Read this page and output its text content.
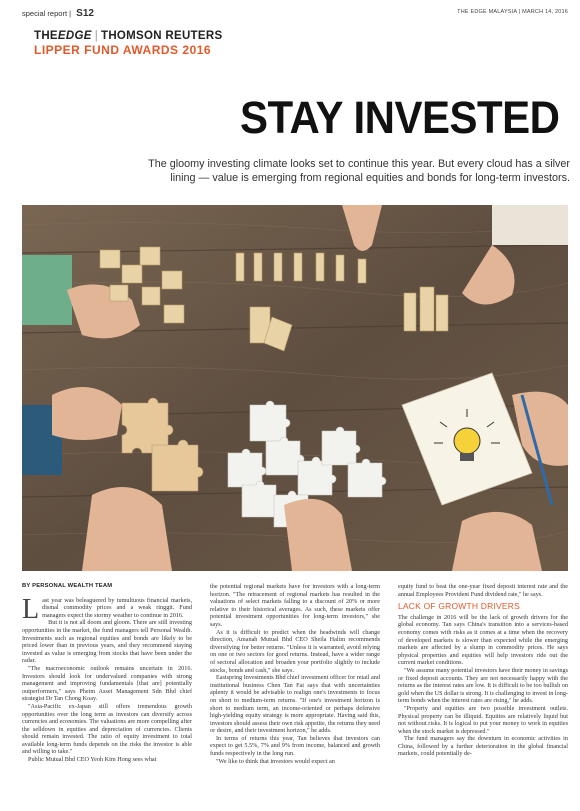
special report | S12	THE EDGE MALAYSIA | MARCH 14, 2016
THEEDGE | THOMSON REUTERS
LIPPER FUND AWARDS 2016
STAY INVESTED
The gloomy investing climate looks set to continue this year. But every cloud has a silver lining — value is emerging from regional equities and bonds for long-term investors.
BY PERSONAL WEALTH TEAM
L ast year was beleaguered by tumultuous financial markets, dismal commodity prices and a weak ringgit. Fund managers expect the stormy weather to continue in 2016.

But it is not all doom and gloom. There are still investing opportunities in the market, the fund managers tell Personal Wealth. Investments such as regional equities and bonds are likely to be priced lower than in previous years, and they recommend staying invested as value is emerging from stocks that have been under the radar.

"The macroeconomic outlook remains uncertain in 2016. Investors should look for undervalued companies with strong management and improving fundamentals [that are] potentially outperformers," says Pheim Asset Management Sdn Bhd chief strategist Dr Tan Chong Koay.

"Asia-Pacific ex-Japan still offers tremendous growth opportunities over the long term as investors can diversify across currencies and economies. The valuations are more compelling after the selldown in equities and depreciation of currencies. Clients should remain invested. The ratio of equity investment to total available long-term funds depends on the risks the investor is able and willing to take."

Public Mutual Bhd CEO Yeoh Kim Hong sees what

the potential regional markets have for investors with a long-term horizon. "The retracement of regional markets has resulted in the valuations of select markets falling to a discount of 20% or more relative to their historical averages. As such, these markets offer potential investment opportunities for long-term investors," she says.

As it is difficult to predict when the headwinds will change direction, Amanah Mutual Bhd CEO Sheila Halim recommends diversifying for better returns. "Unless it is warranted, avoid relying on one or two sectors for good returns. Instead, have a wider range of sectoral allocation and broaden your portfolio slightly to include stocks, bonds and cash," she says.

Eastspring Investments Bhd chief investment officer for retail and institutional business Chen Tan Fai says that with uncertainties aplenty it would be advisable to realign one's investments to focus on short to medium-term returns. "If one's investment horizon is short to medium term, an income-oriented or perhaps defensive high-yielding equity strategy is more appropriate. Having said this, investors should assess their own risk appetite, the returns they need or desire, and their investment horizon," he adds.

In terms of returns this year, Tan believes that investors can expect to get 5.5%, 7% and 9% from income, balanced and growth funds respectively in the long run.

"We like to think that investors would expect an

equity fund to beat the one-year fixed deposit interest rate and the annual Employees Provident Fund dividend rate," he says.

LACK OF GROWTH DRIVERS

The challenge in 2016 will be the lack of growth drivers for the global economy. Tan says China's transition into a services-based economy comes with risks as it comes at a time when the recovery of developed markets is slower than expected while the emerging markets are affected by a slump in commodity prices. He says physical properties and equities will help investors ride out the current market conditions.

"We assume many potential investors have their money in savings or fixed deposit accounts. They are not necessarily happy with the returns as the interest rates are low. It is difficult to be too bullish on gold when the US dollar is strong. It is challenging to invest in long-term bonds when the interest rates are rising," he adds.

"Property and equities are two possible investment outlets. Physical property can be illiquid. Equities are relatively liquid but not without risks. It is logical to put your money to work in equities when the stock market is depressed."

The fund managers say the downturn in economic activities in China, followed by a further deterioration in the global financial markets, could potentially de-
